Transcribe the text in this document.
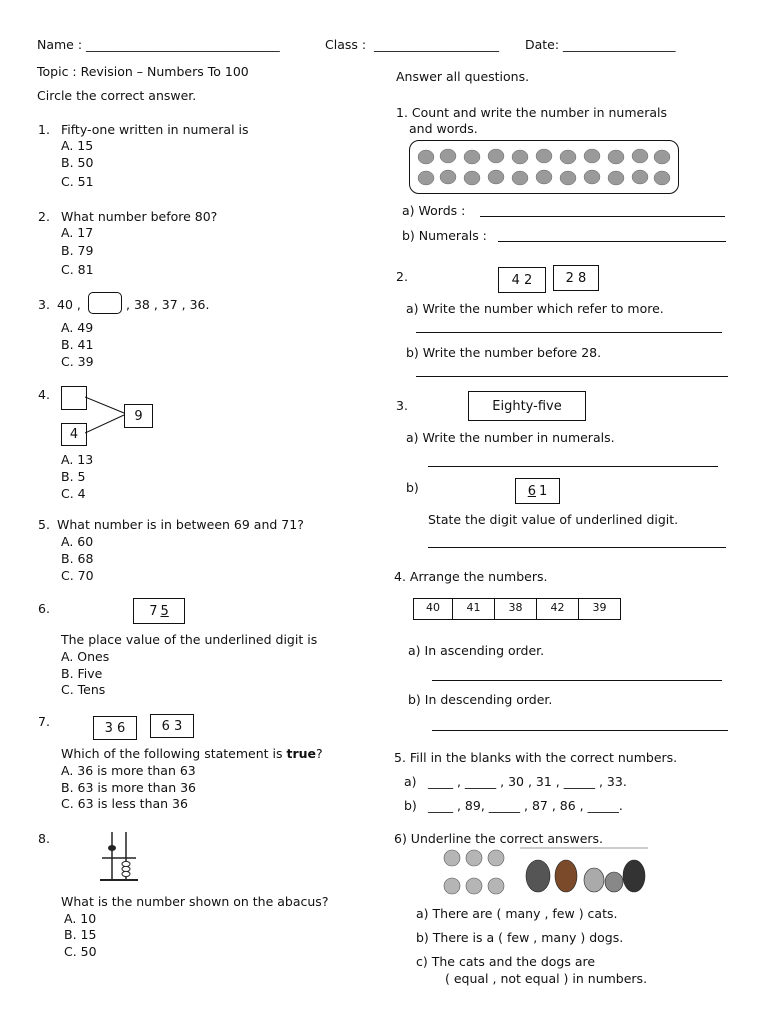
Name : _______________________________	Class : ____________________ Date: __________________
Topic : Revision – Numbers To 100
Circle the correct answer.
Answer all questions.
1. Fifty-one written in numeral is
A. 15
B. 50
C. 51
2. What number before 80?
A. 17
B. 79
C. 81
3. 40 ,	, 38 , 37 , 36.
A. 49
B. 41
C. 39
4.
4
9
A. 13
B. 5
C. 4
5. What number is in between 69 and 71?
A. 60
B. 68
C. 70
6.	7 5
The place value of the underlined digit is
A. Ones
B. Five
C. Tens
7.	3 6	6 3
Which of the following statement is true?
A. 36 is more than 63
B. 63 is more than 36
C. 63 is less than 36
8.
What is the number shown on the abacus?
A. 10
B. 15
C. 50
1. Count and write the number in numerals
and words.
a) Words :
b) Numerals :
2.	4 2	2 8
a) Write the number which refer to more.
b) Write the number before 28.
3.	Eighty-five
a) Write the number in numerals.
b)	6 1
State the digit value of underlined digit.
4. Arrange the numbers.
40	41	38	42	39
a) In ascending order.
b) In descending order.
5. Fill in the blanks with the correct numbers.
a) ____ , _____ , 30 , 31 , _____ , 33.
b) ____ , 89, _____ , 87 , 86 , _____.
6) Underline the correct answers.
a) There are ( many , few ) cats.
b) There is a ( few , many ) dogs.
c) The cats and the dogs are
( equal , not equal ) in numbers.
